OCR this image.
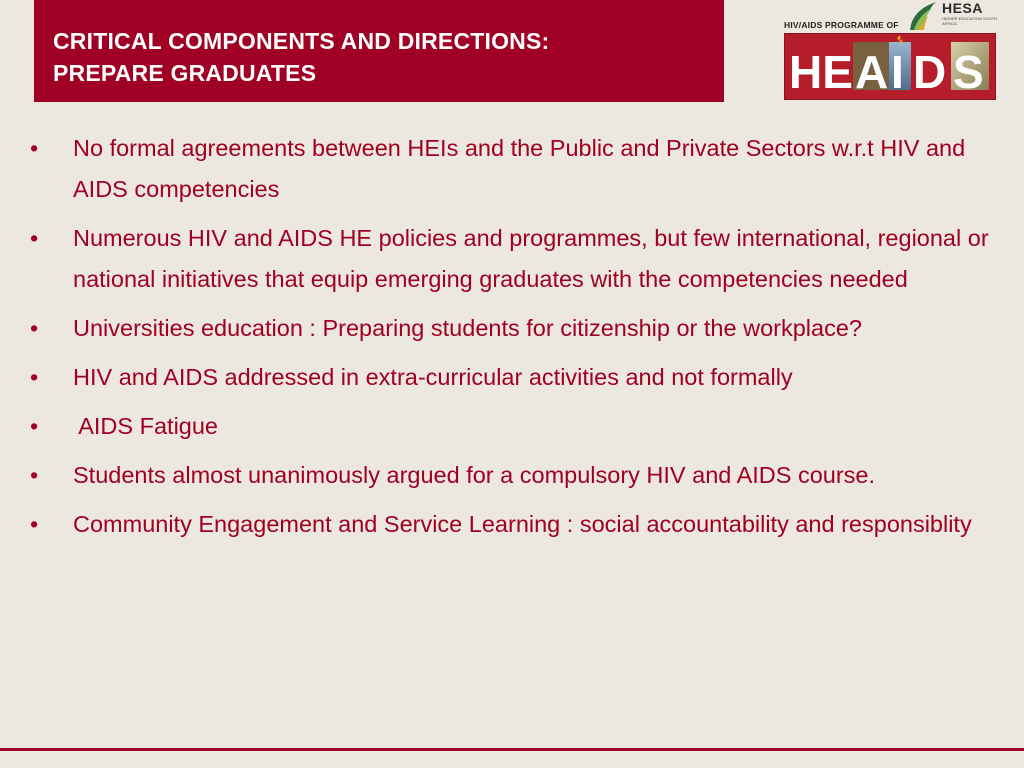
CRITICAL COMPONENTS AND DIRECTIONS:
PREPARE GRADUATES
HESA
HIGHER EDUCATION SOUTH AFRICA
HIV/AIDS PROGRAMME OF
HE A I D S
•	No formal agreements between HEIs and the Public and Private Sectors w.r.t HIV and AIDS competencies
•	Numerous HIV and AIDS HE policies and programmes, but few international, regional or national initiatives that equip emerging graduates with the competencies needed
•	Universities education : Preparing students for citizenship or the workplace?
•	HIV and AIDS addressed in extra-curricular activities and not formally
•	AIDS Fatigue
•	Students almost unanimously argued for a compulsory HIV and AIDS course.
•	Community Engagement and Service Learning : social accountability and responsiblity
